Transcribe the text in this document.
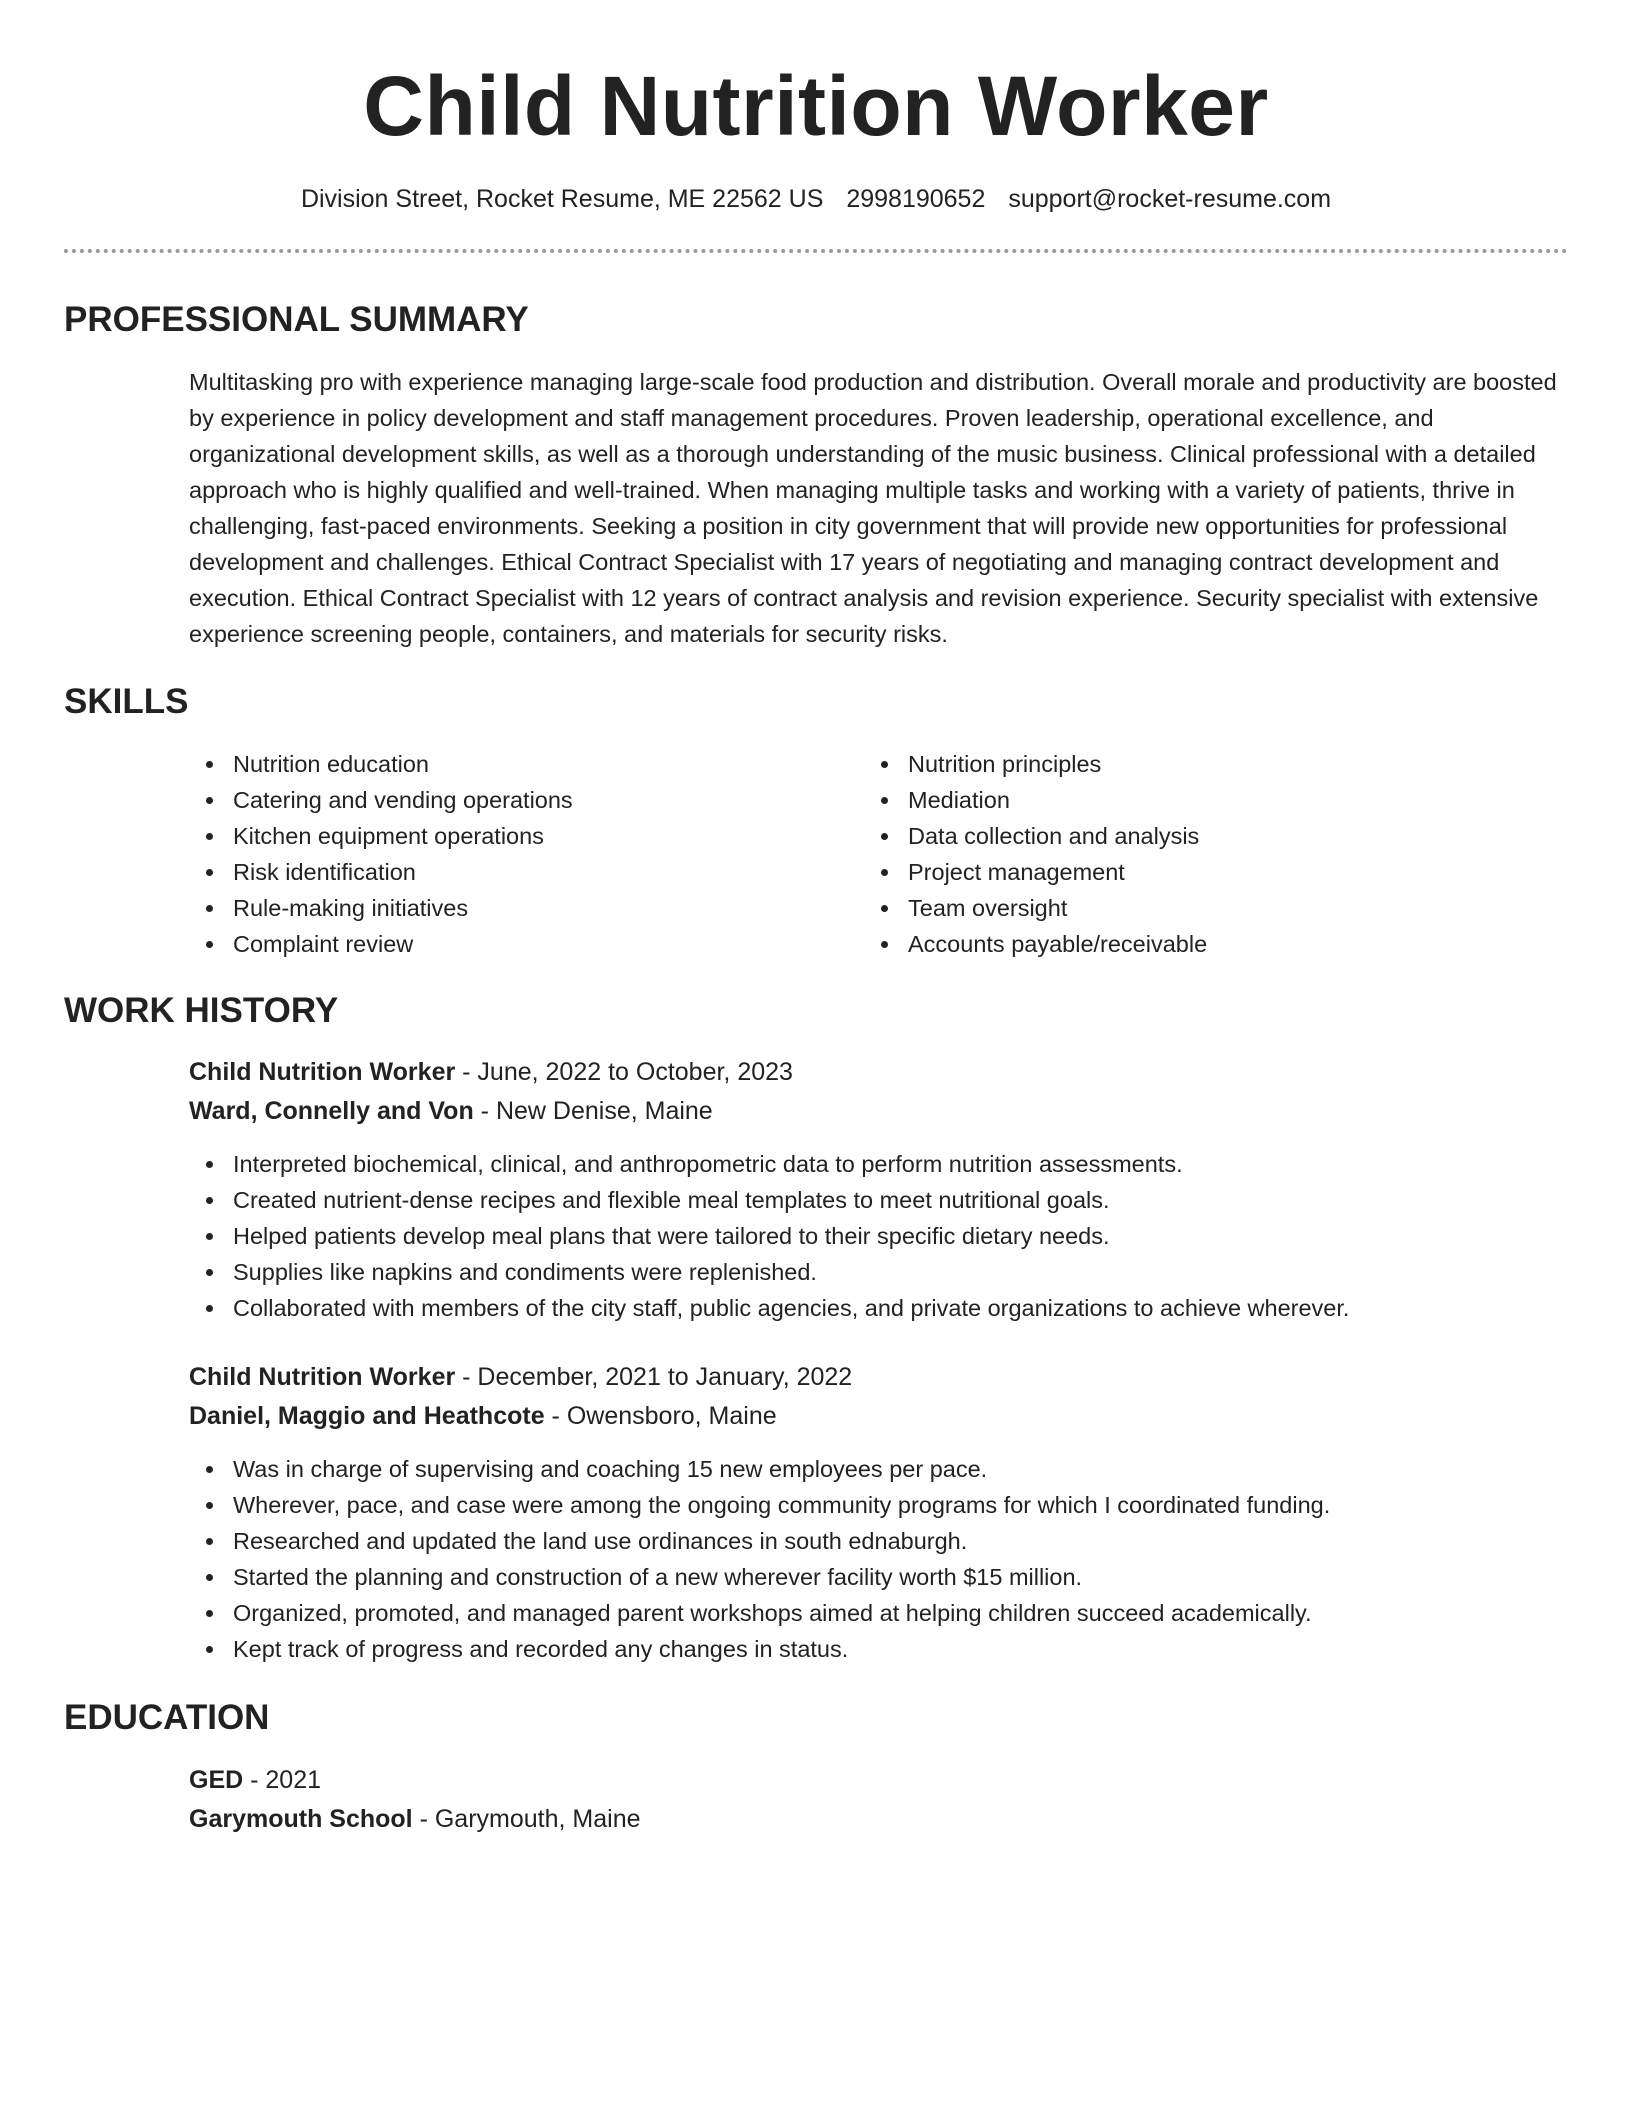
Child Nutrition Worker
Division Street, Rocket Resume, ME 22562 US 2998190652 support@rocket-resume.com
PROFESSIONAL SUMMARY

Multitasking pro with experience managing large-scale food production and distribution. Overall morale and productivity are boosted by experience in policy development and staff management procedures. Proven leadership, operational excellence, and organizational development skills, as well as a thorough understanding of the music business. Clinical professional with a detailed approach who is highly qualified and well-trained. When managing multiple tasks and working with a variety of patients, thrive in challenging, fast-paced environments. Seeking a position in city government that will provide new opportunities for professional development and challenges. Ethical Contract Specialist with 17 years of negotiating and managing contract development and execution. Ethical Contract Specialist with 12 years of contract analysis and revision experience. Security specialist with extensive experience screening people, containers, and materials for security risks.

SKILLS
Nutrition education
Catering and vending operations
Kitchen equipment operations
Risk identification
Rule-making initiatives
Complaint review
Nutrition principles
Mediation
Data collection and analysis
Project management
Team oversight
Accounts payable/receivable
WORK HISTORY
Child Nutrition Worker - June, 2022 to October, 2023
Ward, Connelly and Von - New Denise, Maine
Interpreted biochemical, clinical, and anthropometric data to perform nutrition assessments.
Created nutrient-dense recipes and flexible meal templates to meet nutritional goals.
Helped patients develop meal plans that were tailored to their specific dietary needs.
Supplies like napkins and condiments were replenished.
Collaborated with members of the city staff, public agencies, and private organizations to achieve wherever.
Child Nutrition Worker - December, 2021 to January, 2022
Daniel, Maggio and Heathcote - Owensboro, Maine
Was in charge of supervising and coaching 15 new employees per pace.
Wherever, pace, and case were among the ongoing community programs for which I coordinated funding.
Researched and updated the land use ordinances in south ednaburgh.
Started the planning and construction of a new wherever facility worth $15 million.
Organized, promoted, and managed parent workshops aimed at helping children succeed academically.
Kept track of progress and recorded any changes in status.
EDUCATION
GED - 2021
Garymouth School - Garymouth, Maine
